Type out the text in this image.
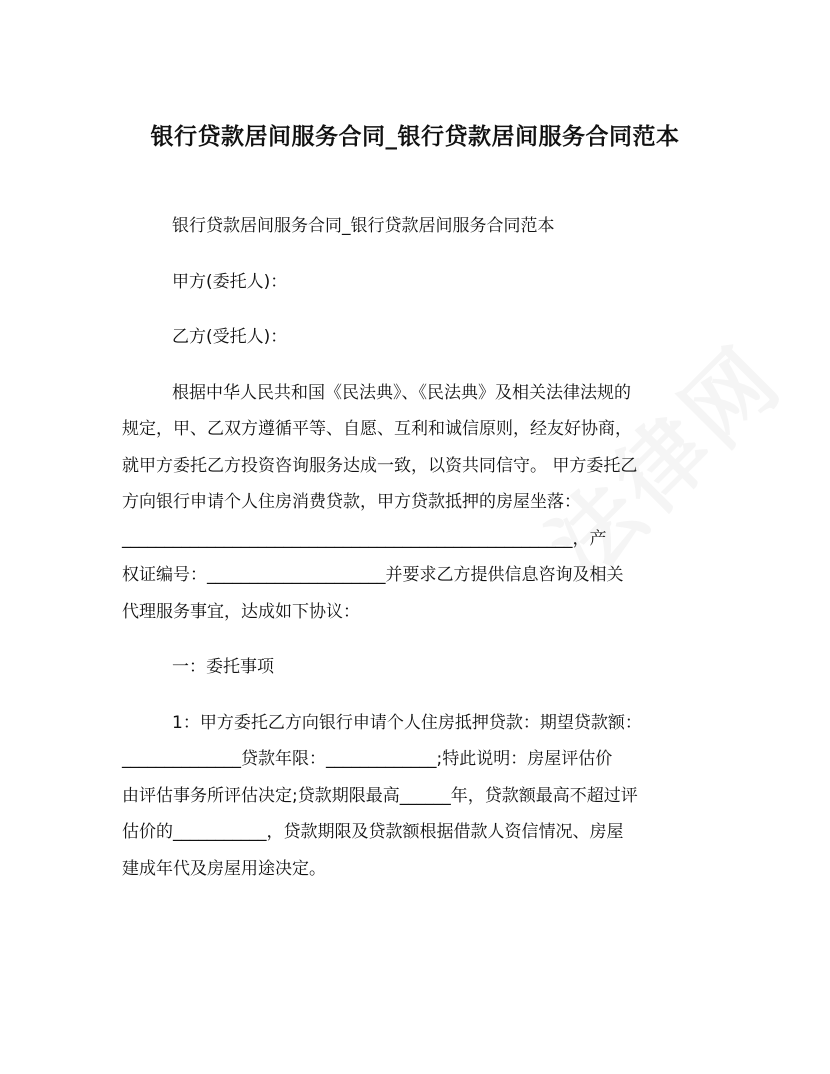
法律网
银行贷款居间服务合同_银行贷款居间服务合同范本
银行贷款居间服务合同_银行贷款居间服务合同范本
甲方(委托人)：
乙方(受托人)：
根据中华人民共和国《民法典》、《民法典》及相关法律法规的
规定，甲、乙双方遵循平等、自愿、互利和诚信原则，经友好协商，
就甲方委托乙方投资咨询服务达成一致，以资共同信守。 甲方委托乙
方向银行申请个人住房消费贷款，甲方贷款抵押的房屋坐落：
_____________________________________________________，产
权证编号：_____________________并要求乙方提供信息咨询及相关
代理服务事宜，达成如下协议：
一：委托事项
1：甲方委托乙方向银行申请个人住房抵押贷款：期望贷款额：
______________贷款年限：_____________;特此说明：房屋评估价
由评估事务所评估决定;贷款期限最高______年，贷款额最高不超过评
估价的___________，贷款期限及贷款额根据借款人资信情况、房屋
建成年代及房屋用途决定。
